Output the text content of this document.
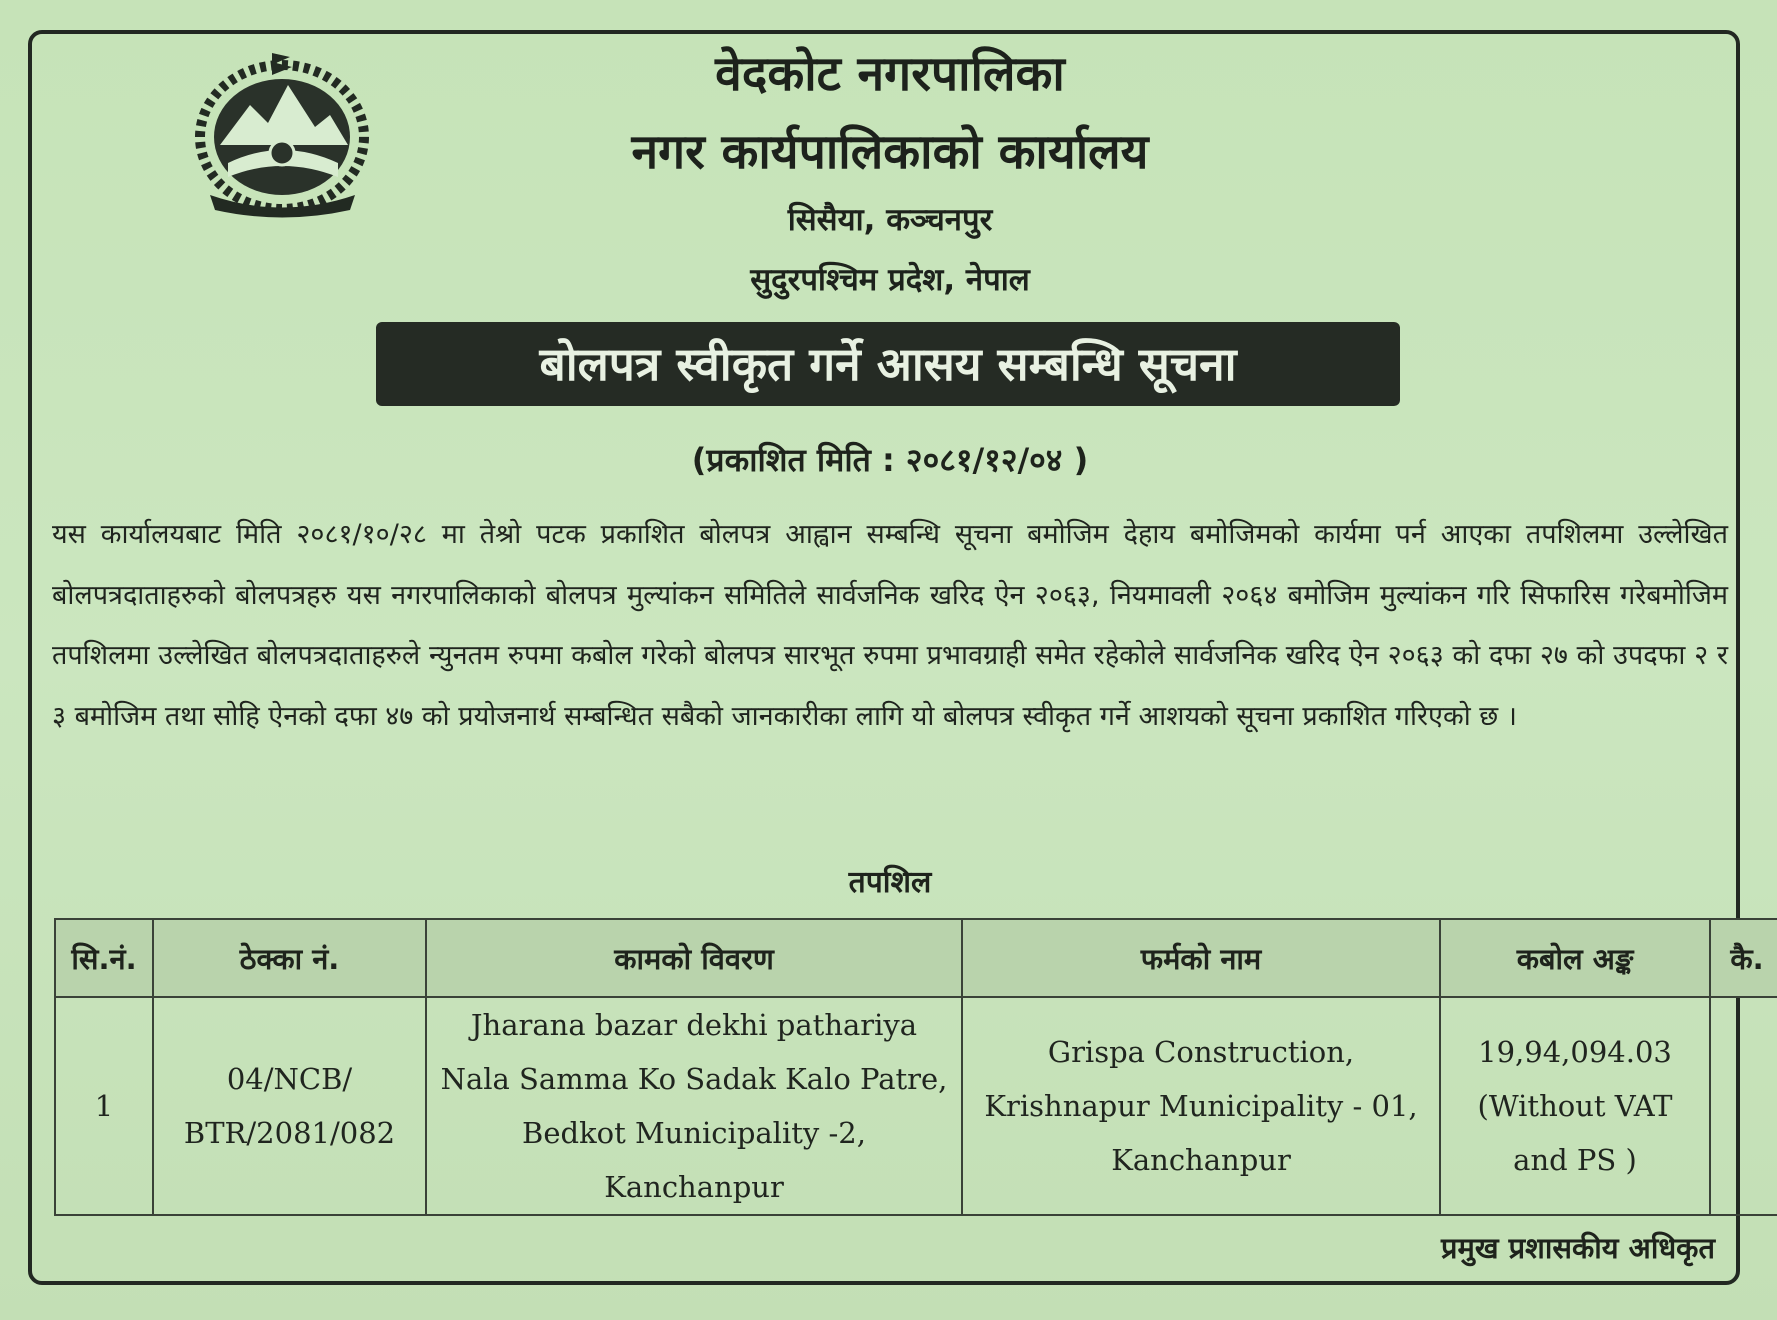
वेदकोट नगरपालिका
नगर कार्यपालिकाको कार्यालय
सिसैया, कञ्चनपुर
सुदुरपश्चिम प्रदेश, नेपाल
बोलपत्र स्वीकृत गर्ने आसय सम्बन्धि सूचना
(प्रकाशित मिति : २०८१/१२/०४ )
यस कार्यालयबाट मिति २०८१/१०/२८ मा तेश्रो पटक प्रकाशित बोलपत्र आह्वान सम्बन्धि सूचना बमोजिम देहाय बमोजिमको कार्यमा पर्न आएका तपशिलमा उल्लेखित बोलपत्रदाताहरुको बोलपत्रहरु यस नगरपालिकाको बोलपत्र मुल्यांकन समितिले सार्वजनिक खरिद ऐन २०६३, नियमावली २०६४ बमोजिम मुल्यांकन गरि सिफारिस गरेबमोजिम तपशिलमा उल्लेखित बोलपत्रदाताहरुले न्युनतम रुपमा कबोल गरेको बोलपत्र सारभूत रुपमा प्रभावग्राही समेत रहेकोले सार्वजनिक खरिद ऐन २०६३ को दफा २७ को उपदफा २ र ३ बमोजिम तथा सोहि ऐनको दफा ४७ को प्रयोजनार्थ सम्बन्धित सबैको जानकारीका लागि यो बोलपत्र स्वीकृत गर्ने आशयको सूचना प्रकाशित गरिएको छ ।
तपशिल
सि.नं.	ठेक्का नं.	कामको विवरण	फर्मको नाम	कबोल अङ्क	कै.
1	04/NCB/ BTR/2081/082	Jharana bazar dekhi pathariya Nala Samma Ko Sadak Kalo Patre, Bedkot Municipality -2, Kanchanpur	Grispa Construction, Krishnapur Municipality - 01, Kanchanpur	19,94,094.03 (Without VAT and PS )	
प्रमुख प्रशासकीय अधिकृत
